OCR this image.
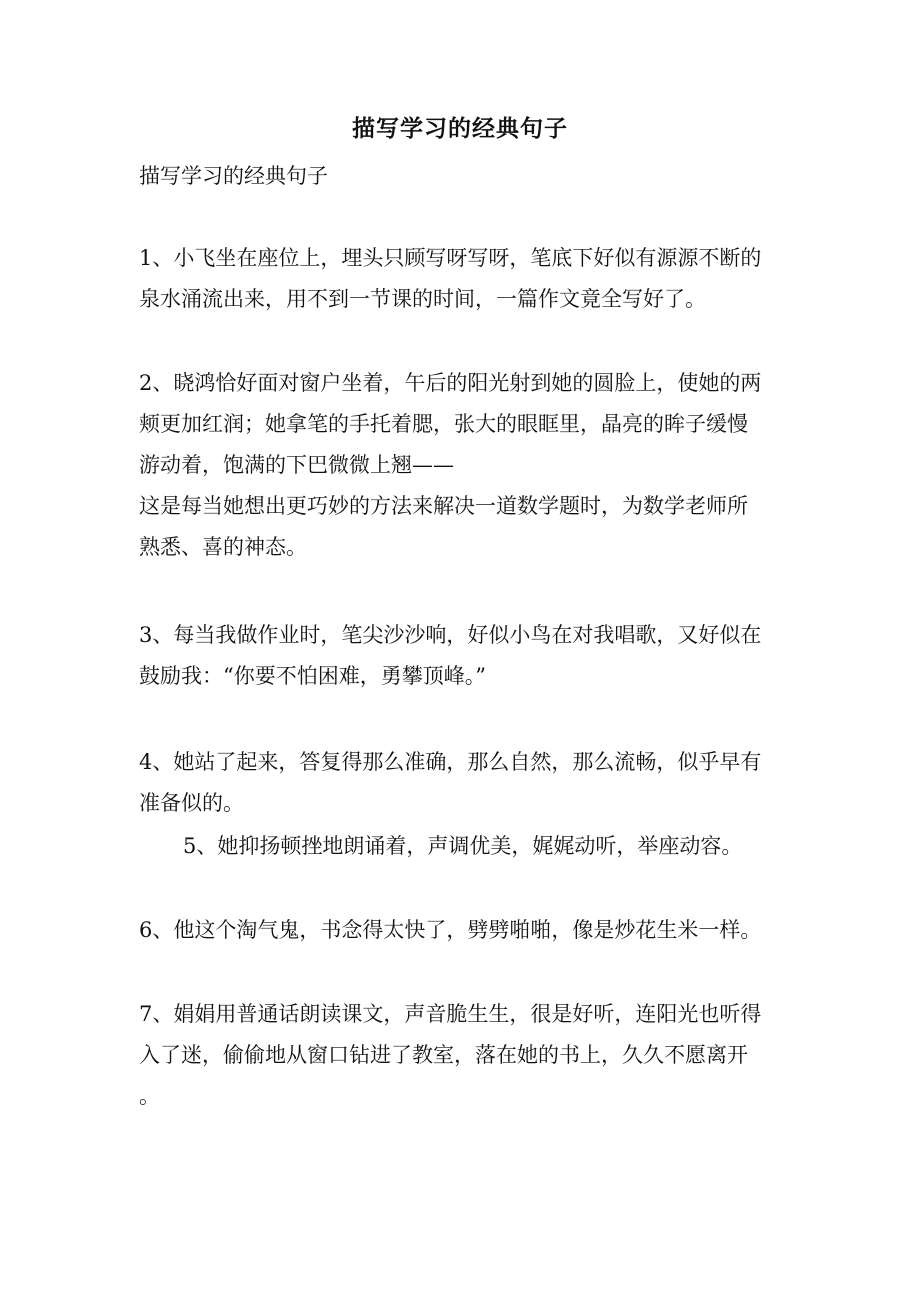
描写学习的经典句子
描写学习的经典句子
1、小飞坐在座位上，埋头只顾写呀写呀，笔底下好似有源源不断的
泉水涌流出来，用不到一节课的时间，一篇作文竟全写好了。
2、晓鸿恰好面对窗户坐着，午后的阳光射到她的圆脸上，使她的两
颊更加红润；她拿笔的手托着腮，张大的眼眶里，晶亮的眸子缓慢
游动着，饱满的下巴微微上翘——
这是每当她想出更巧妙的方法来解决一道数学题时，为数学老师所
熟悉、喜的神态。
3、每当我做作业时，笔尖沙沙响，好似小鸟在对我唱歌，又好似在
鼓励我：“你要不怕困难，勇攀顶峰。”
4、她站了起来，答复得那么准确，那么自然，那么流畅，似乎早有
准备似的。
5、她抑扬顿挫地朗诵着，声调优美，娓娓动听，举座动容。
6、他这个淘气鬼，书念得太快了，劈劈啪啪，像是炒花生米一样。
7、娟娟用普通话朗读课文，声音脆生生，很是好听，连阳光也听得
入了迷，偷偷地从窗口钻进了教室，落在她的书上，久久不愿离开
。
